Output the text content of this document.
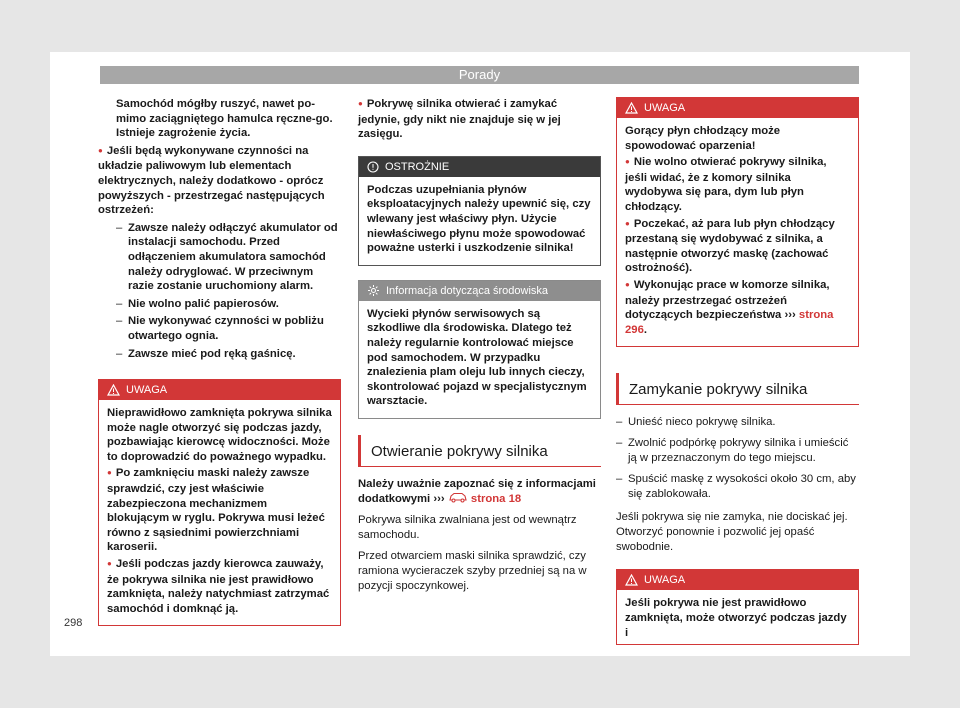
Porady

Samochód mógłby ruszyć, nawet po-mimo zaciągniętego hamulca ręczne-go. Istnieje zagrożenie życia.

● Jeśli będą wykonywane czynności na układzie paliwowym lub elementach elektrycznych, należy dodatkowo - oprócz powyższych - przestrzegać następujących ostrzeżeń:

– Zawsze należy odłączyć akumulator od instalacji samochodu. Przed odłączeniem akumulatora samochód należy odryglować. W przeciwnym razie zostanie uruchomiony alarm.

– Nie wolno palić papierosów.

– Nie wykonywać czynności w pobliżu otwartego ognia.

– Zawsze mieć pod ręką gaśnicę.

UWAGA

Nieprawidłowo zamknięta pokrywa silnika może nagle otworzyć się podczas jazdy, pozbawiając kierowcę widoczności. Może to doprowadzić do poważnego wypadku.

● Po zamknięciu maski należy zawsze sprawdzić, czy jest właściwie zabezpieczona mechanizmem blokującym w ryglu. Pokrywa musi leżeć równo z sąsiednimi powierzchniami karoserii.

● Jeśli podczas jazdy kierowca zauważy, że pokrywa silnika nie jest prawidłowo zamknięta, należy natychmiast zatrzymać samochód i domknąć ją.

● Pokrywę silnika otwierać i zamykać jedynie, gdy nikt nie znajduje się w jej zasięgu.

OSTROŻNIE

Podczas uzupełniania płynów eksploatacyjnych należy upewnić się, czy wlewany jest właściwy płyn. Użycie niewłaściwego płynu może spowodować poważne usterki i uszkodzenie silnika!

Informacja dotycząca środowiska

Wycieki płynów serwisowych są szkodliwe dla środowiska. Dlatego też należy regularnie kontrolować miejsce pod samochodem. W przypadku znalezienia plam oleju lub innych cieczy, skontrolować pojazd w specjalistycznym warsztacie.

Otwieranie pokrywy silnika

Należy uważnie zapoznać się z informacjami dodatkowymi ››› strona 18

Pokrywa silnika zwalniana jest od wewnątrz samochodu.

Przed otwarciem maski silnika sprawdzić, czy ramiona wycieraczek szyby przedniej są na w pozycji spoczynkowej.

UWAGA

Gorący płyn chłodzący może spowodować oparzenia!

● Nie wolno otwierać pokrywy silnika, jeśli widać, że z komory silnika wydobywa się para, dym lub płyn chłodzący.

● Poczekać, aż para lub płyn chłodzący przestaną się wydobywać z silnika, a następnie otworzyć maskę (zachować ostrożność).

● Wykonując prace w komorze silnika, należy przestrzegać ostrzeżeń dotyczących bezpieczeństwa ››› strona 296.

Zamykanie pokrywy silnika

– Unieść nieco pokrywę silnika.

– Zwolnić podpórkę pokrywy silnika i umieścić ją w przeznaczonym do tego miejscu.

– Spuścić maskę z wysokości około 30 cm, aby się zablokowała.

Jeśli pokrywa się nie zamyka, nie dociskać jej. Otworzyć ponownie i pozwolić jej opaść swobodnie.

UWAGA

Jeśli pokrywa nie jest prawidłowo zamknięta, może otworzyć podczas jazdy i

298
